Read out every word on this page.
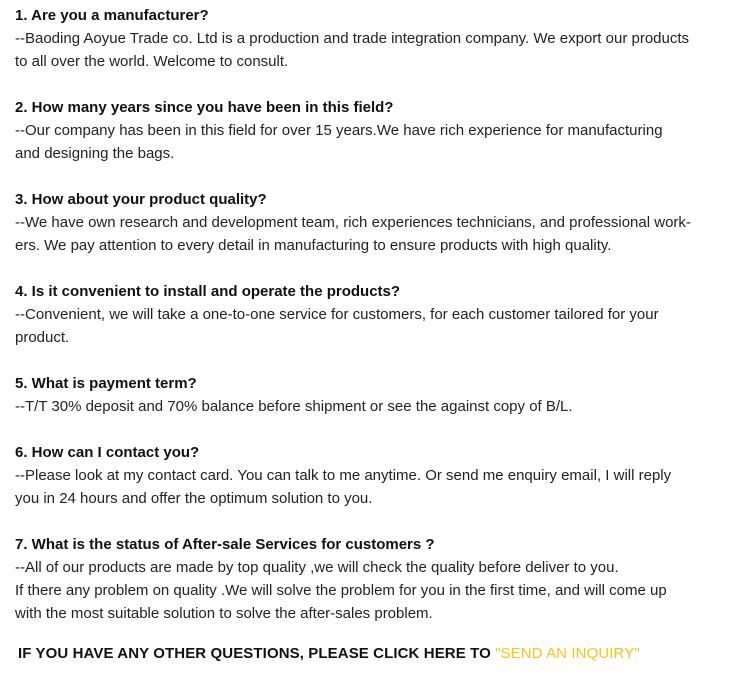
1. Are you a manufacturer?

--Baoding Aoyue Trade co. Ltd is a production and trade integration company. We export our products
to all over the world. Welcome to consult.

2. How many years since you have been in this field?

--Our company has been in this field for over 15 years.We have rich experience for manufacturing
and designing the bags.

3. How about your product quality?

--We have own research and development team, rich experiences technicians, and professional work-
ers. We pay attention to every detail in manufacturing to ensure products with high quality.

4. Is it convenient to install and operate the products?

--Convenient, we will take a one-to-one service for customers, for each customer tailored for your
product.

5. What is payment term?

--T/T 30% deposit and 70% balance before shipment or see the against copy of B/L.

6. How can I contact you?

--Please look at my contact card. You can talk to me anytime. Or send me enquiry email, I will reply
you in 24 hours and offer the optimum solution to you.

7. What is the status of After-sale Services for customers ?

--All of our products are made by top quality ,we will check the quality before deliver to you.
If there any problem on quality .We will solve the problem for you in the first time, and will come up
with the most suitable solution to solve the after-sales problem.

IF YOU HAVE ANY OTHER QUESTIONS, PLEASE CLICK HERE TO "SEND AN INQUIRY"
